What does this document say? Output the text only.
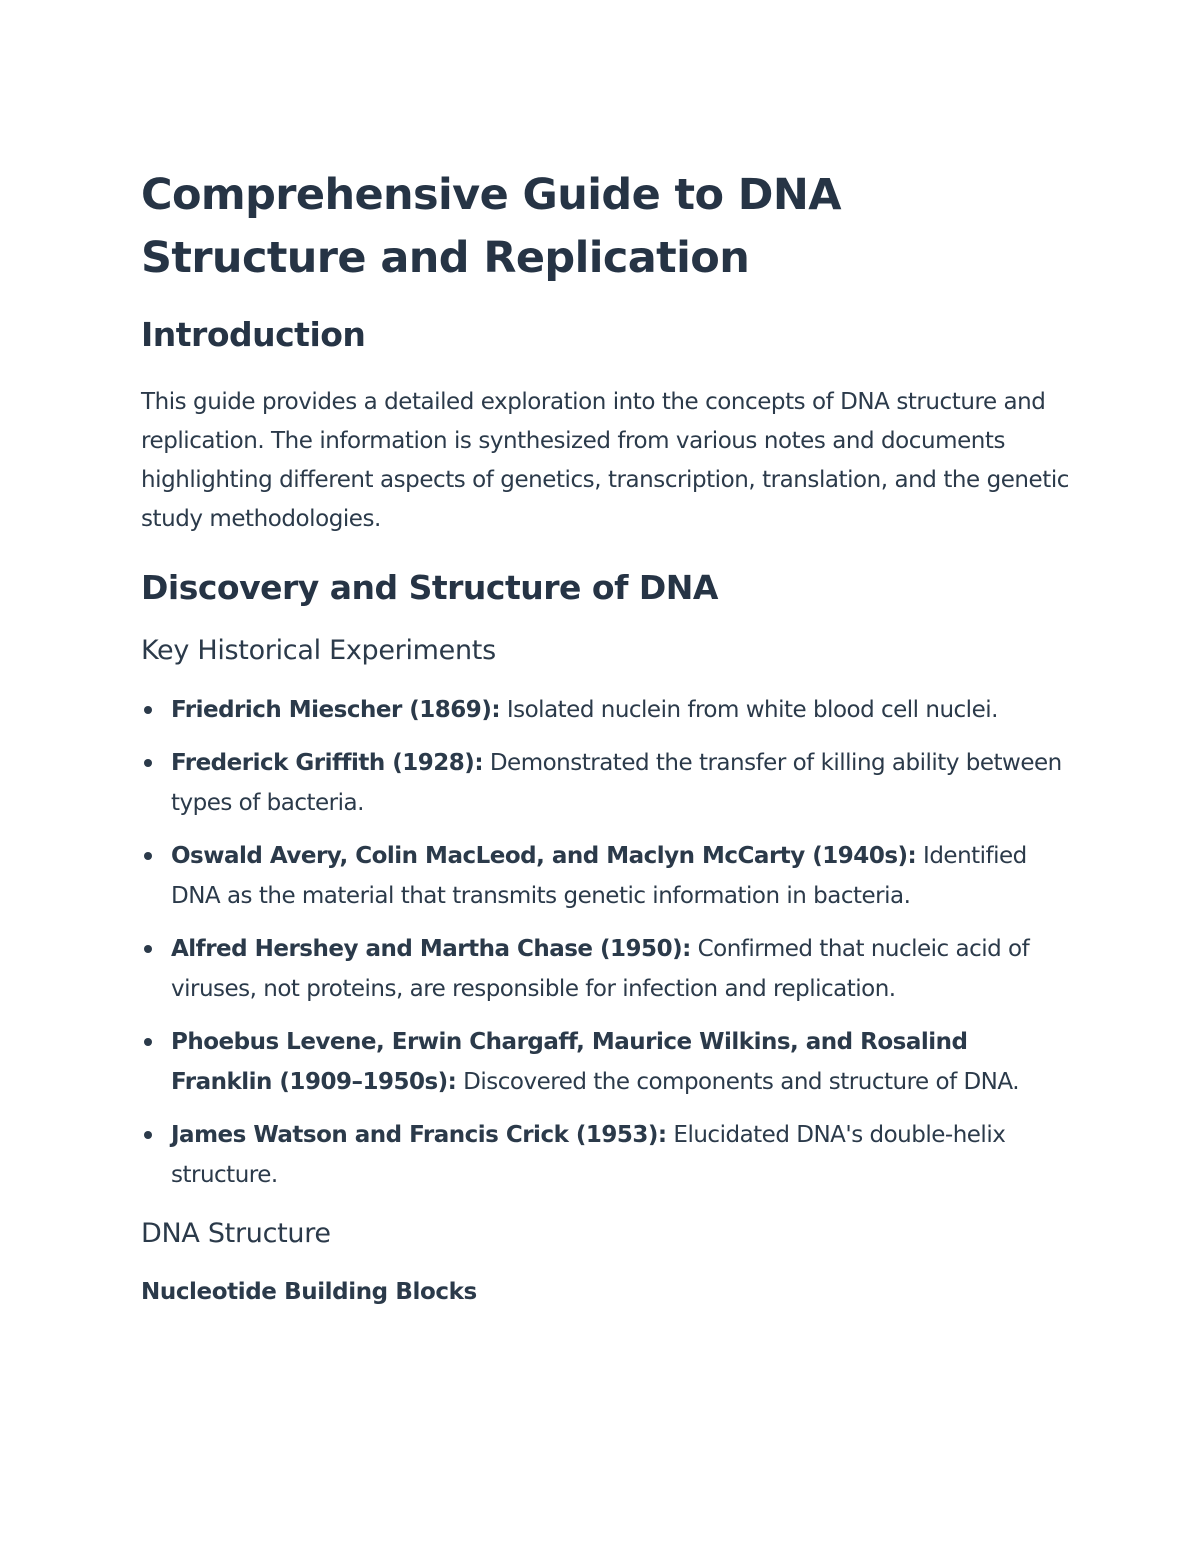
Comprehensive Guide to DNA Structure and Replication
Introduction

This guide provides a detailed exploration into the concepts of DNA structure and replication. The information is synthesized from various notes and documents highlighting different aspects of genetics, transcription, translation, and the genetic study methodologies.

Discovery and Structure of DNA
Key Historical Experiments
Friedrich Miescher (1869): Isolated nuclein from white blood cell nuclei.
Frederick Griffith (1928): Demonstrated the transfer of killing ability between types of bacteria.
Oswald Avery, Colin MacLeod, and Maclyn McCarty (1940s): Identified DNA as the material that transmits genetic information in bacteria.
Alfred Hershey and Martha Chase (1950): Confirmed that nucleic acid of viruses, not proteins, are responsible for infection and replication.
Phoebus Levene, Erwin Chargaff, Maurice Wilkins, and Rosalind Franklin (1909–1950s): Discovered the components and structure of DNA.
James Watson and Francis Crick (1953): Elucidated DNA's double-helix structure.
DNA Structure
Nucleotide Building Blocks
